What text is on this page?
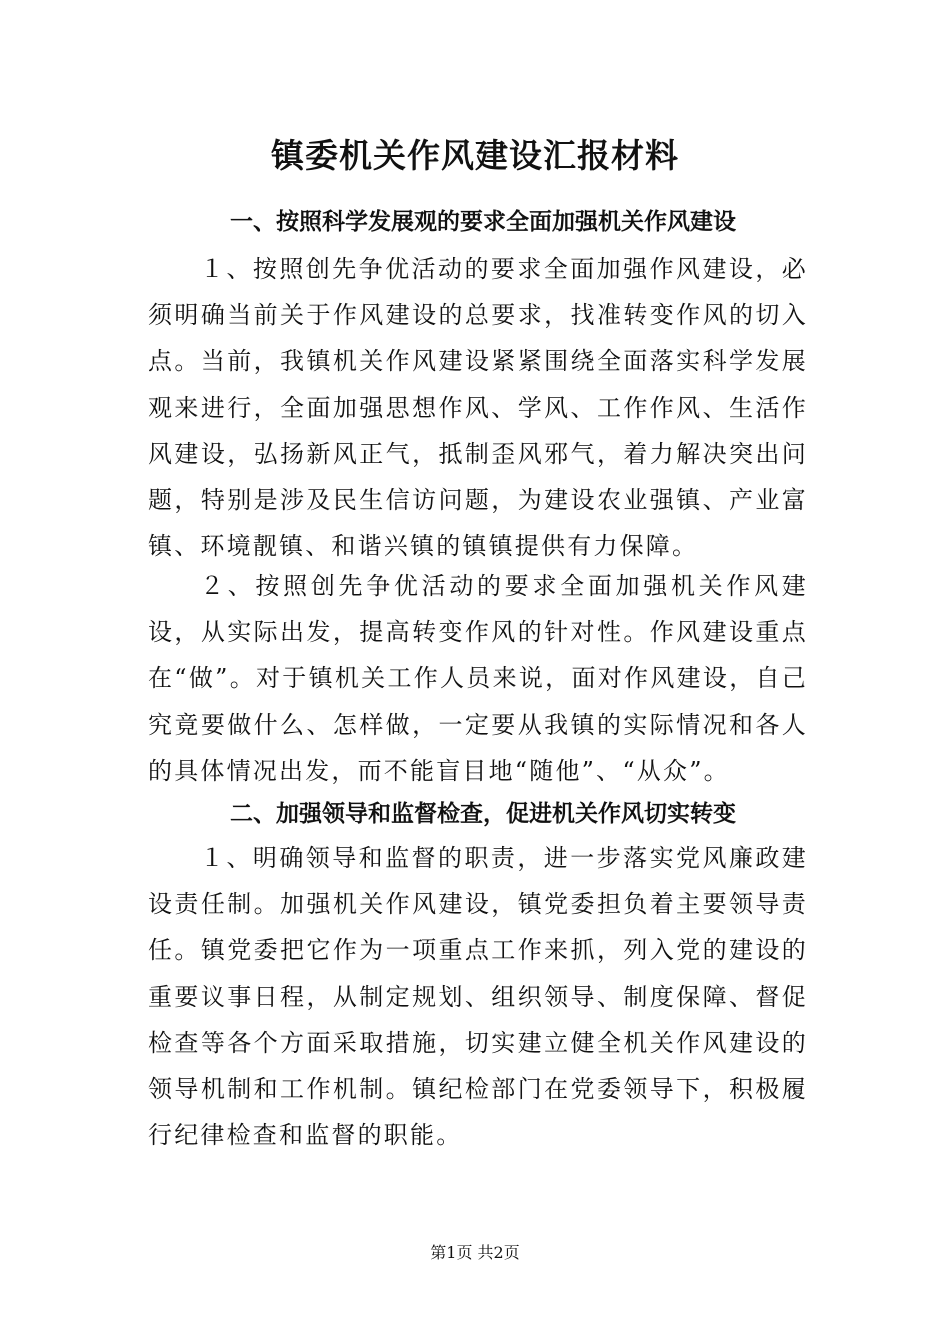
镇委机关作风建设汇报材料
一、按照科学发展观的要求全面加强机关作风建设

１、按照创先争优活动的要求全面加强作风建设，必须明确当前关于作风建设的总要求，找准转变作风的切入点。当前，我镇机关作风建设紧紧围绕全面落实科学发展观来进行，全面加强思想作风、学风、工作作风、生活作风建设，弘扬新风正气，抵制歪风邪气，着力解决突出问题，特别是涉及民生信访问题，为建设农业强镇、产业富镇、环境靓镇、和谐兴镇的镇镇提供有力保障。

２、按照创先争优活动的要求全面加强机关作风建设，从实际出发，提高转变作风的针对性。作风建设重点在“做”。对于镇机关工作人员来说，面对作风建设，自己究竟要做什么、怎样做，一定要从我镇的实际情况和各人的具体情况出发，而不能盲目地“随他”、“从众”。

二、加强领导和监督检查，促进机关作风切实转变

１、明确领导和监督的职责，进一步落实党风廉政建设责任制。加强机关作风建设，镇党委担负着主要领导责任。镇党委把它作为一项重点工作来抓，列入党的建设的重要议事日程，从制定规划、组织领导、制度保障、督促检查等各个方面采取措施，切实建立健全机关作风建设的领导机制和工作机制。镇纪检部门在党委领导下，积极履行纪律检查和监督的职能。

第1页 共2页
